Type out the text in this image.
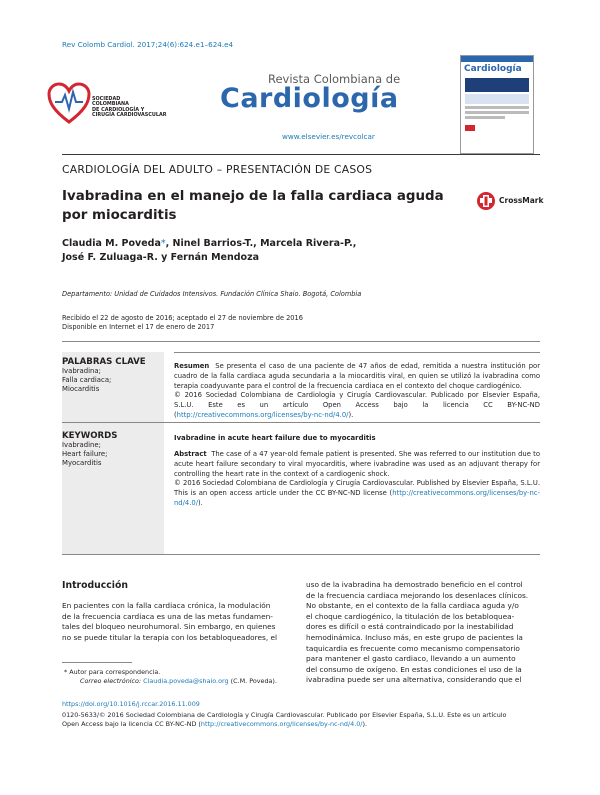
Rev Colomb Cardiol. 2017;24(6):624.e1–624.e4
SOCIEDAD
COLOMBIANA
DE CARDIOLOGÍA Y
CIRUGÍA CARDIOVASCULAR
Revista Colombiana de
Cardiología
www.elsevier.es/revcolcar
Cardiología
CARDIOLOGÍA DEL ADULTO – PRESENTACIÓN DE CASOS
Ivabradina en el manejo de la falla cardiaca aguda por miocarditis
CrossMark
Claudia M. Poveda*, Ninel Barrios-T., Marcela Rivera-P.,
José F. Zuluaga-R. y Fernán Mendoza
Departamento: Unidad de Cuidados Intensivos. Fundación Clínica Shaio. Bogotá, Colombia
Recibido el 22 de agosto de 2016; aceptado el 27 de noviembre de 2016
Disponible en Internet el 17 de enero de 2017
PALABRAS CLAVE
Ivabradina;
Falla cardiaca;
Miocarditis
Resumen Se presenta el caso de una paciente de 47 años de edad, remitida a nuestra institución por cuadro de la falla cardiaca aguda secundaria a la miocarditis viral, en quien se utilizó la ivabradina como terapia coadyuvante para el control de la frecuencia cardiaca en el contexto del choque cardiogénico.
© 2016 Sociedad Colombiana de Cardiología y Cirugía Cardiovascular. Publicado por Elsevier España, S.L.U. Este es un artículo Open Access bajo la licencia CC BY-NC-ND (http://creativecommons.org/licenses/by-nc-nd/4.0/).
KEYWORDS
Ivabradine;
Heart failure;
Myocarditis
Ivabradine in acute heart failure due to myocarditis
Abstract The case of a 47 year-old female patient is presented. She was referred to our institution due to acute heart failure secondary to viral myocarditis, where ivabradine was used as an adjuvant therapy for controlling the heart rate in the context of a cardiogenic shock.
© 2016 Sociedad Colombiana de Cardiología y Cirugía Cardiovascular. Published by Elsevier España, S.L.U. This is an open access article under the CC BY-NC-ND license (http://creativecommons.org/licenses/by-nc-nd/4.0/).
Introducción
En pacientes con la falla cardiaca crónica, la modulación
de la frecuencia cardiaca es una de las metas fundamen-
tales del bloqueo neurohumoral. Sin embargo, en quienes
no se puede titular la terapia con los betabloqueadores, el
uso de la ivabradina ha demostrado beneficio en el control
de la frecuencia cardiaca mejorando los desenlaces clínicos.
No obstante, en el contexto de la falla cardiaca aguda y/o
el choque cardiogénico, la titulación de los betabloquea-
dores es difícil o está contraindicado por la inestabilidad
hemodinámica. Incluso más, en este grupo de pacientes la
taquicardia es frecuente como mecanismo compensatorio
para mantener el gasto cardiaco, llevando a un aumento
del consumo de oxígeno. En estas condiciones el uso de la
ivabradina puede ser una alternativa, considerando que el
* Autor para correspondencia.
Correo electrónico: Claudia.poveda@shaio.org (C.M. Poveda).
https://doi.org/10.1016/j.rccar.2016.11.009
0120-5633/© 2016 Sociedad Colombiana de Cardiología y Cirugía Cardiovascular. Publicado por Elsevier España, S.L.U. Este es un artículo
Open Access bajo la licencia CC BY-NC-ND (http://creativecommons.org/licenses/by-nc-nd/4.0/).
